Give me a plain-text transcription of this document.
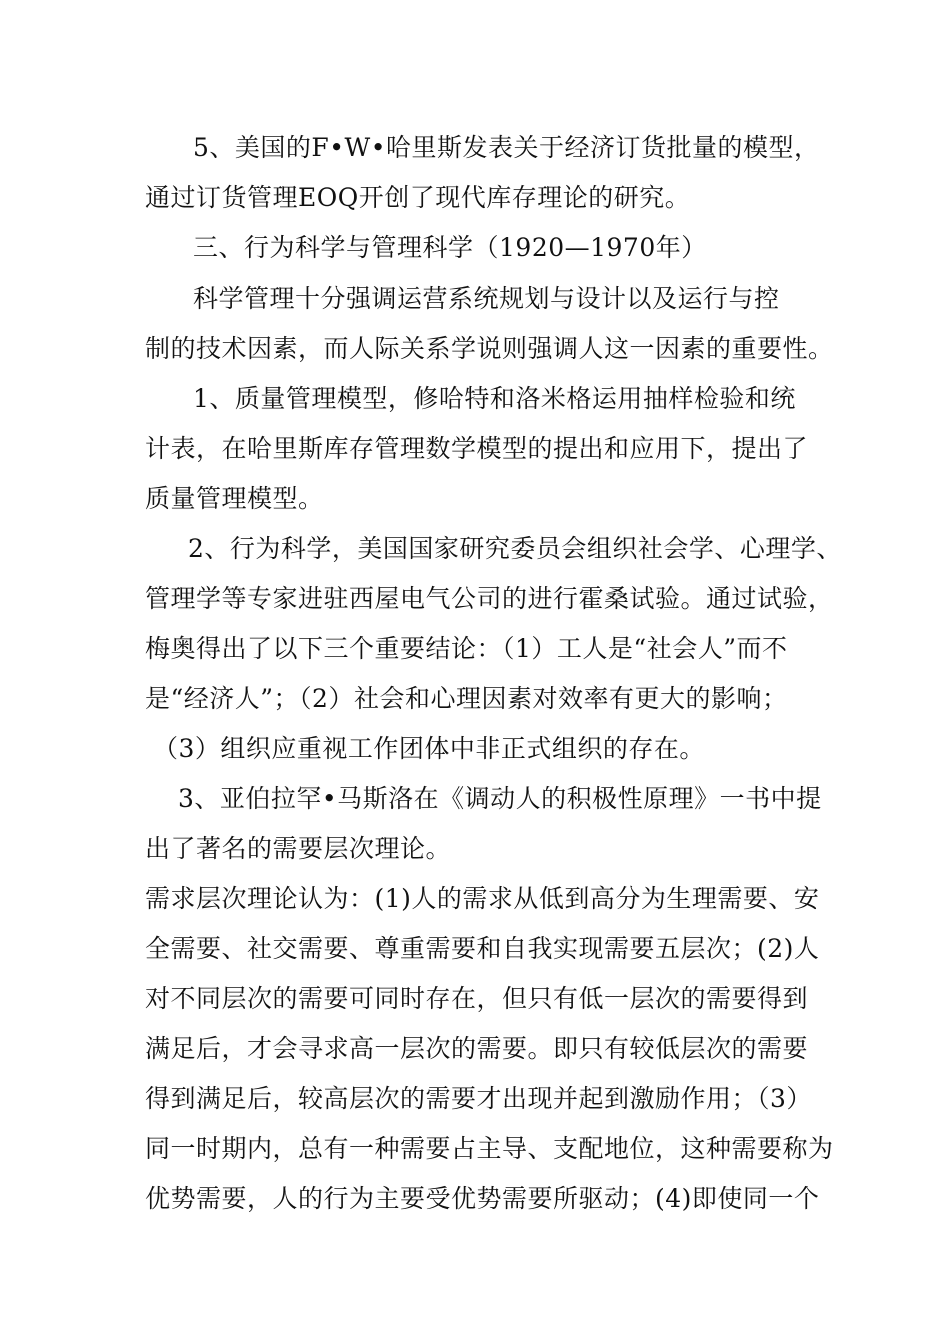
5、美国的F•W•哈里斯发表关于经济订货批量的模型，
通过订货管理EOQ开创了现代库存理论的研究。
三、行为科学与管理科学（1920—1970年）
科学管理十分强调运营系统规划与设计以及运行与控
制的技术因素，而人际关系学说则强调人这一因素的重要性。
1、质量管理模型，修哈特和洛米格运用抽样检验和统
计表，在哈里斯库存管理数学模型的提出和应用下，提出了
质量管理模型。
2、行为科学，美国国家研究委员会组织社会学、心理学、
管理学等专家进驻西屋电气公司的进行霍桑试验。通过试验，
梅奥得出了以下三个重要结论：（1）工人是“社会人”而不
是“经济人”；（2）社会和心理因素对效率有更大的影响；
（3）组织应重视工作团体中非正式组织的存在。
3、亚伯拉罕•马斯洛在《调动人的积极性原理》一书中提
出了著名的需要层次理论。
需求层次理论认为：(1)人的需求从低到高分为生理需要、安
全需要、社交需要、尊重需要和自我实现需要五层次；(2)人
对不同层次的需要可同时存在，但只有低一层次的需要得到
满足后，才会寻求高一层次的需要。即只有较低层次的需要
得到满足后，较高层次的需要才出现并起到激励作用；（3）
同一时期内，总有一种需要占主导、支配地位，这种需要称为
优势需要，人的行为主要受优势需要所驱动；(4)即使同一个
